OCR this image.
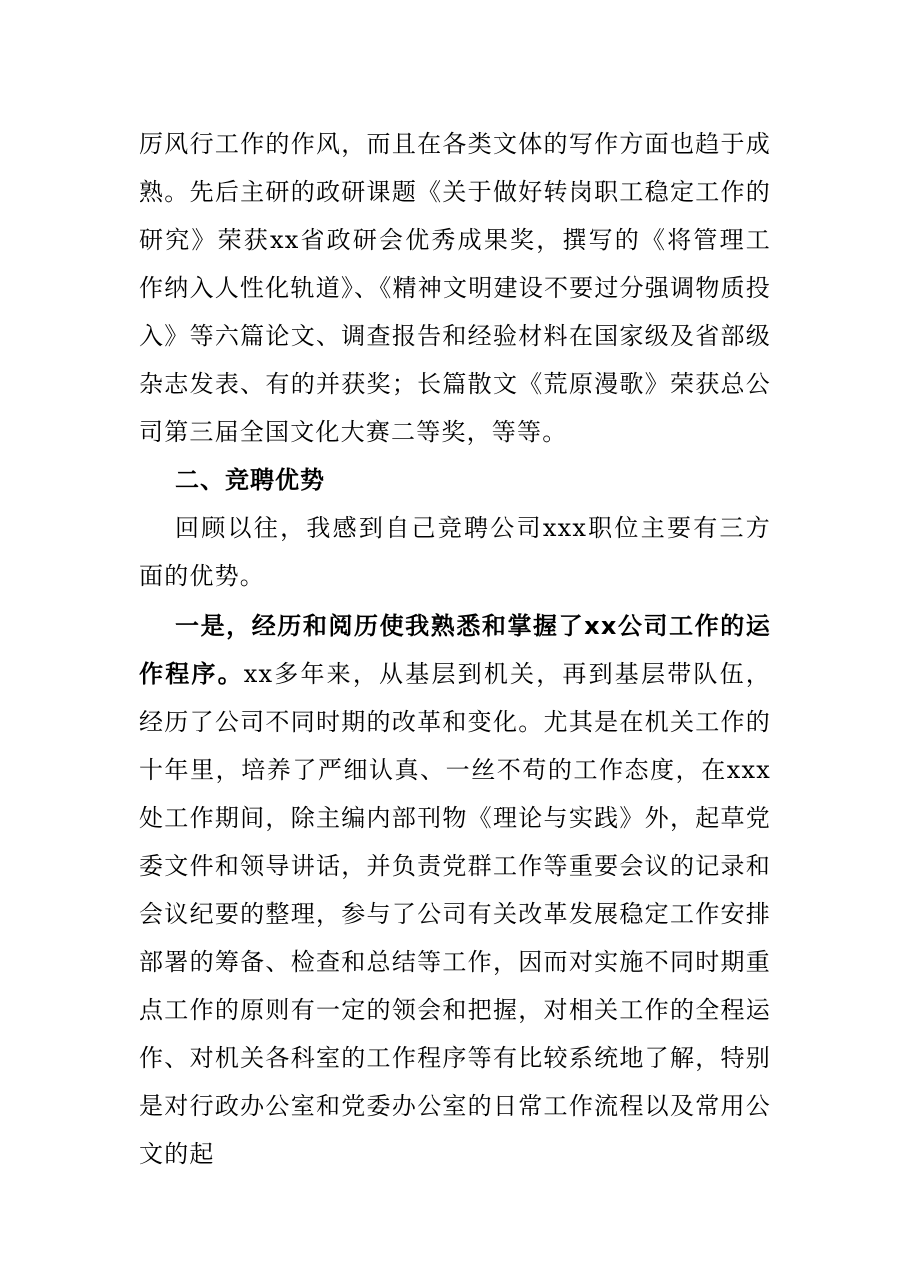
厉风行工作的作风，而且在各类文体的写作方面也趋于成熟。先后主研的政研课题《关于做好转岗职工稳定工作的研究》荣获xx省政研会优秀成果奖，撰写的《将管理工作纳入人性化轨道》、《精神文明建设不要过分强调物质投入》等六篇论文、调查报告和经验材料在国家级及省部级杂志发表、有的并获奖；长篇散文《荒原漫歌》荣获总公司第三届全国文化大赛二等奖，等等。

二、竞聘优势

回顾以往，我感到自己竞聘公司xxx职位主要有三方面的优势。

一是，经历和阅历使我熟悉和掌握了xx公司工作的运作程序。xx多年来，从基层到机关，再到基层带队伍，经历了公司不同时期的改革和变化。尤其是在机关工作的十年里，培养了严细认真、一丝不苟的工作态度，在xxx处工作期间，除主编内部刊物《理论与实践》外，起草党委文件和领导讲话，并负责党群工作等重要会议的记录和会议纪要的整理，参与了公司有关改革发展稳定工作安排部署的筹备、检查和总结等工作，因而对实施不同时期重点工作的原则有一定的领会和把握，对相关工作的全程运作、对机关各科室的工作程序等有比较系统地了解，特别是对行政办公室和党委办公室的日常工作流程以及常用公文的起
